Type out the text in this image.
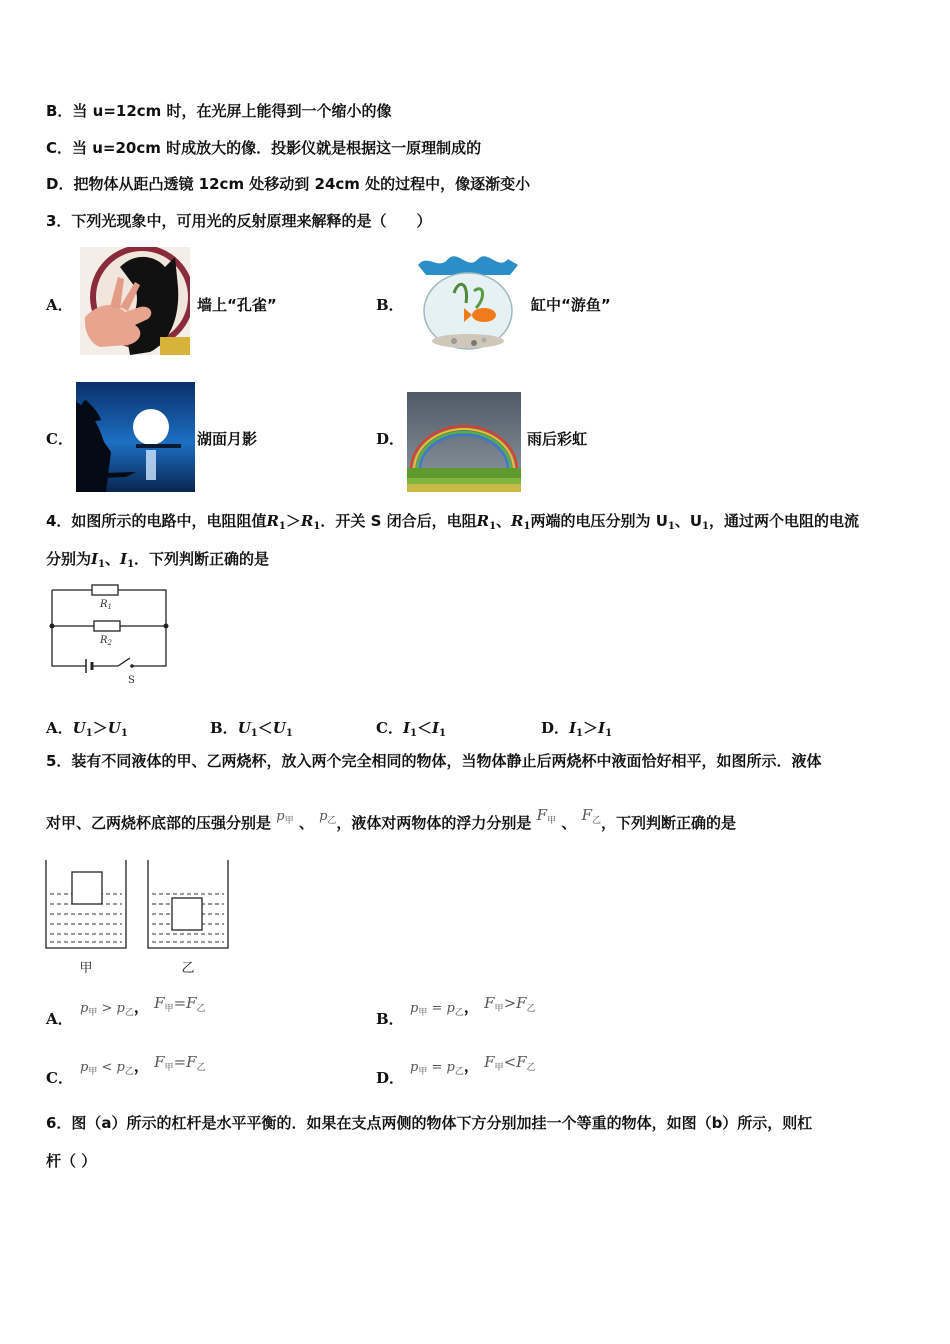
B．当 u=12cm 时，在光屏上能得到一个缩小的像
C．当 u=20cm 时成放大的像．投影仪就是根据这一原理制成的
D．把物体从距凸透镜 12cm 处移动到 24cm 处的过程中，像逐渐变小
3．下列光现象中，可用光的反射原理来解释的是（　　）
A．	墙上“孔雀”	B．	缸中“游鱼”
C．	湖面月影	D．	雨后彩虹
4．如图所示的电路中，电阻阻值$R_1>R_1$．开关 S 闭合后，电阻$R_1$、$R_1$两端的电压分别为 $U_1$、$U_1$，通过两个电阻的电流
分别为$I_1$、$I_1$．下列判断正确的是
$R_1$
$R_2$
S
A．$U_1>U_1$	B．$U_1<U_1$	C．$I_1<I_1$	D．$I_1>I_1$
5．装有不同液体的甲、乙两烧杯，放入两个完全相同的物体，当物体静止后两烧杯中液面恰好相平，如图所示．液体
对甲、乙两烧杯底部的压强分别是 $p_甲$ 、 $p_乙$，液体对两物体的浮力分别是 $F_甲$ 、 $F_乙$，下列判断正确的是
甲	乙
A．
$p_甲 > p_乙$， $F_甲=F_乙$
B．
$p_甲 = p_乙$， $F_甲>F_乙$
C．
$p_甲 < p_乙$， $F_甲=F_乙$
D．
$p_甲 = p_乙$， $F_甲<F_乙$
6．图（a）所示的杠杆是水平平衡的．如果在支点两侧的物体下方分别加挂一个等重的物体，如图（b）所示，则杠
杆（ ）
